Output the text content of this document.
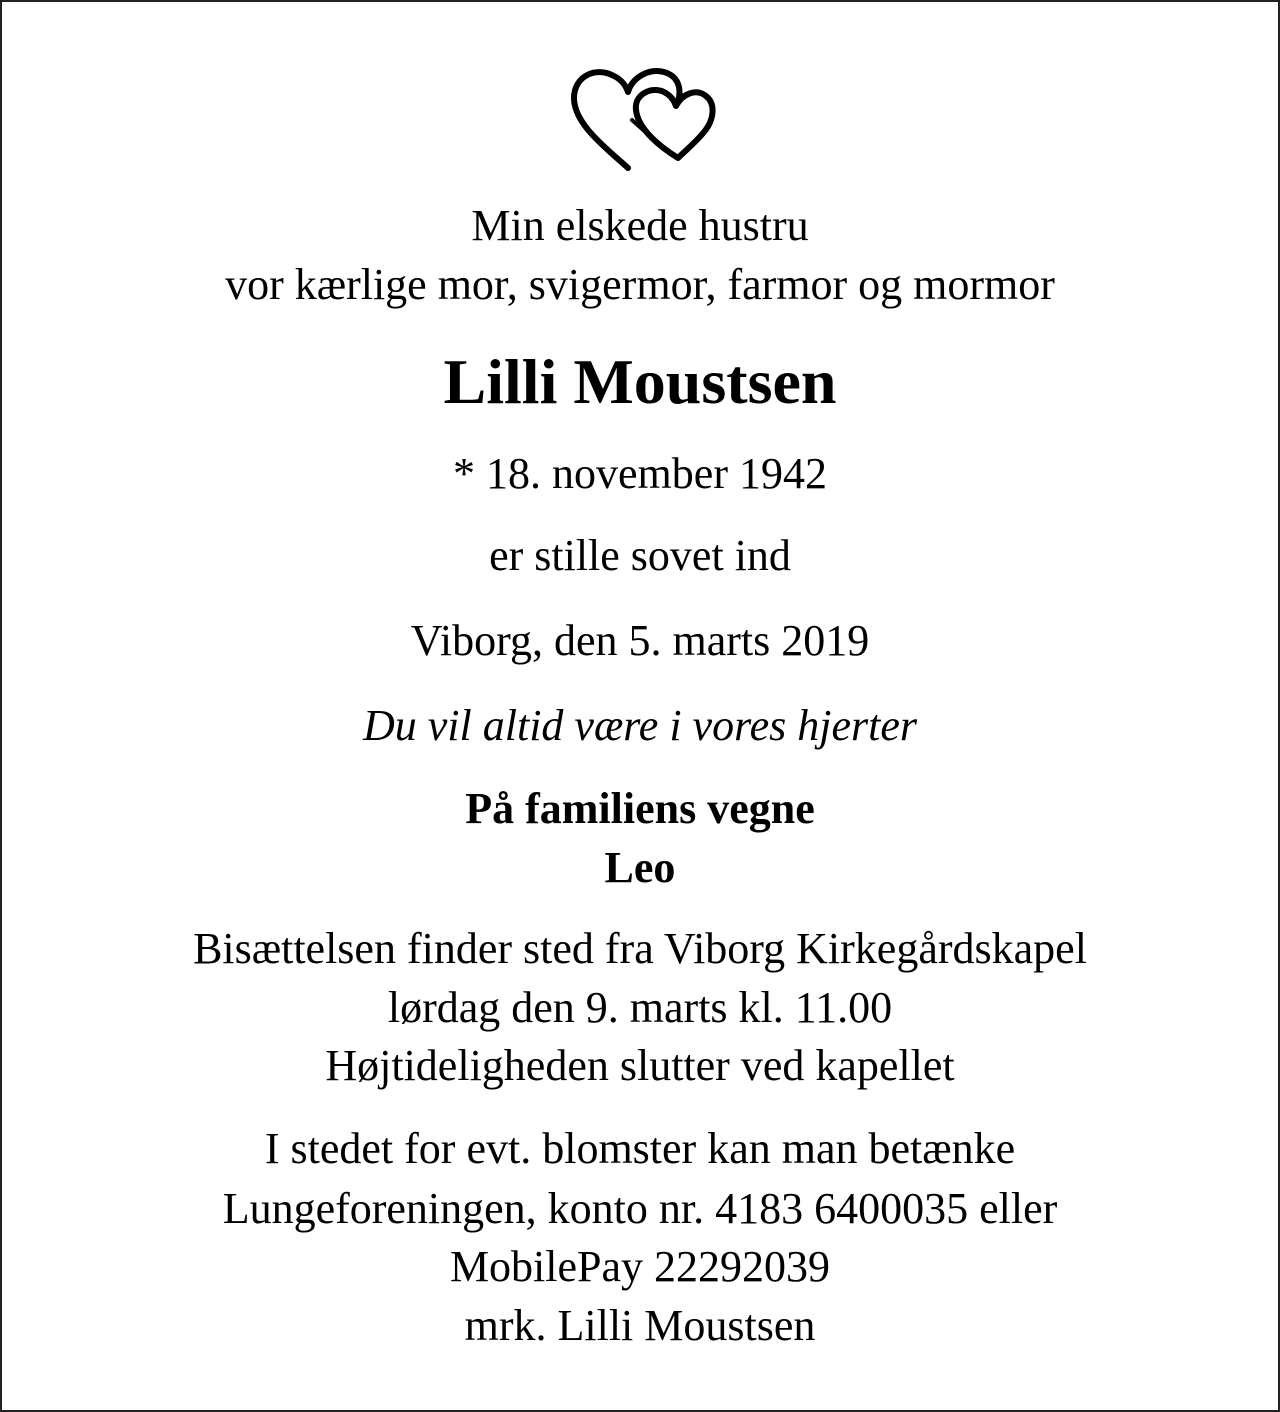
Min elskede hustru
vor kærlige mor, svigermor, farmor og mormor
Lilli Moustsen
* 18. november 1942
er stille sovet ind
Viborg, den 5. marts 2019
Du vil altid være i vores hjerter
På familiens vegne
Leo
Bisættelsen finder sted fra Viborg Kirkegårdskapel
lørdag den 9. marts kl. 11.00
Højtideligheden slutter ved kapellet
I stedet for evt. blomster kan man betænke
Lungeforeningen, konto nr. 4183 6400035 eller
MobilePay 22292039
mrk. Lilli Moustsen
